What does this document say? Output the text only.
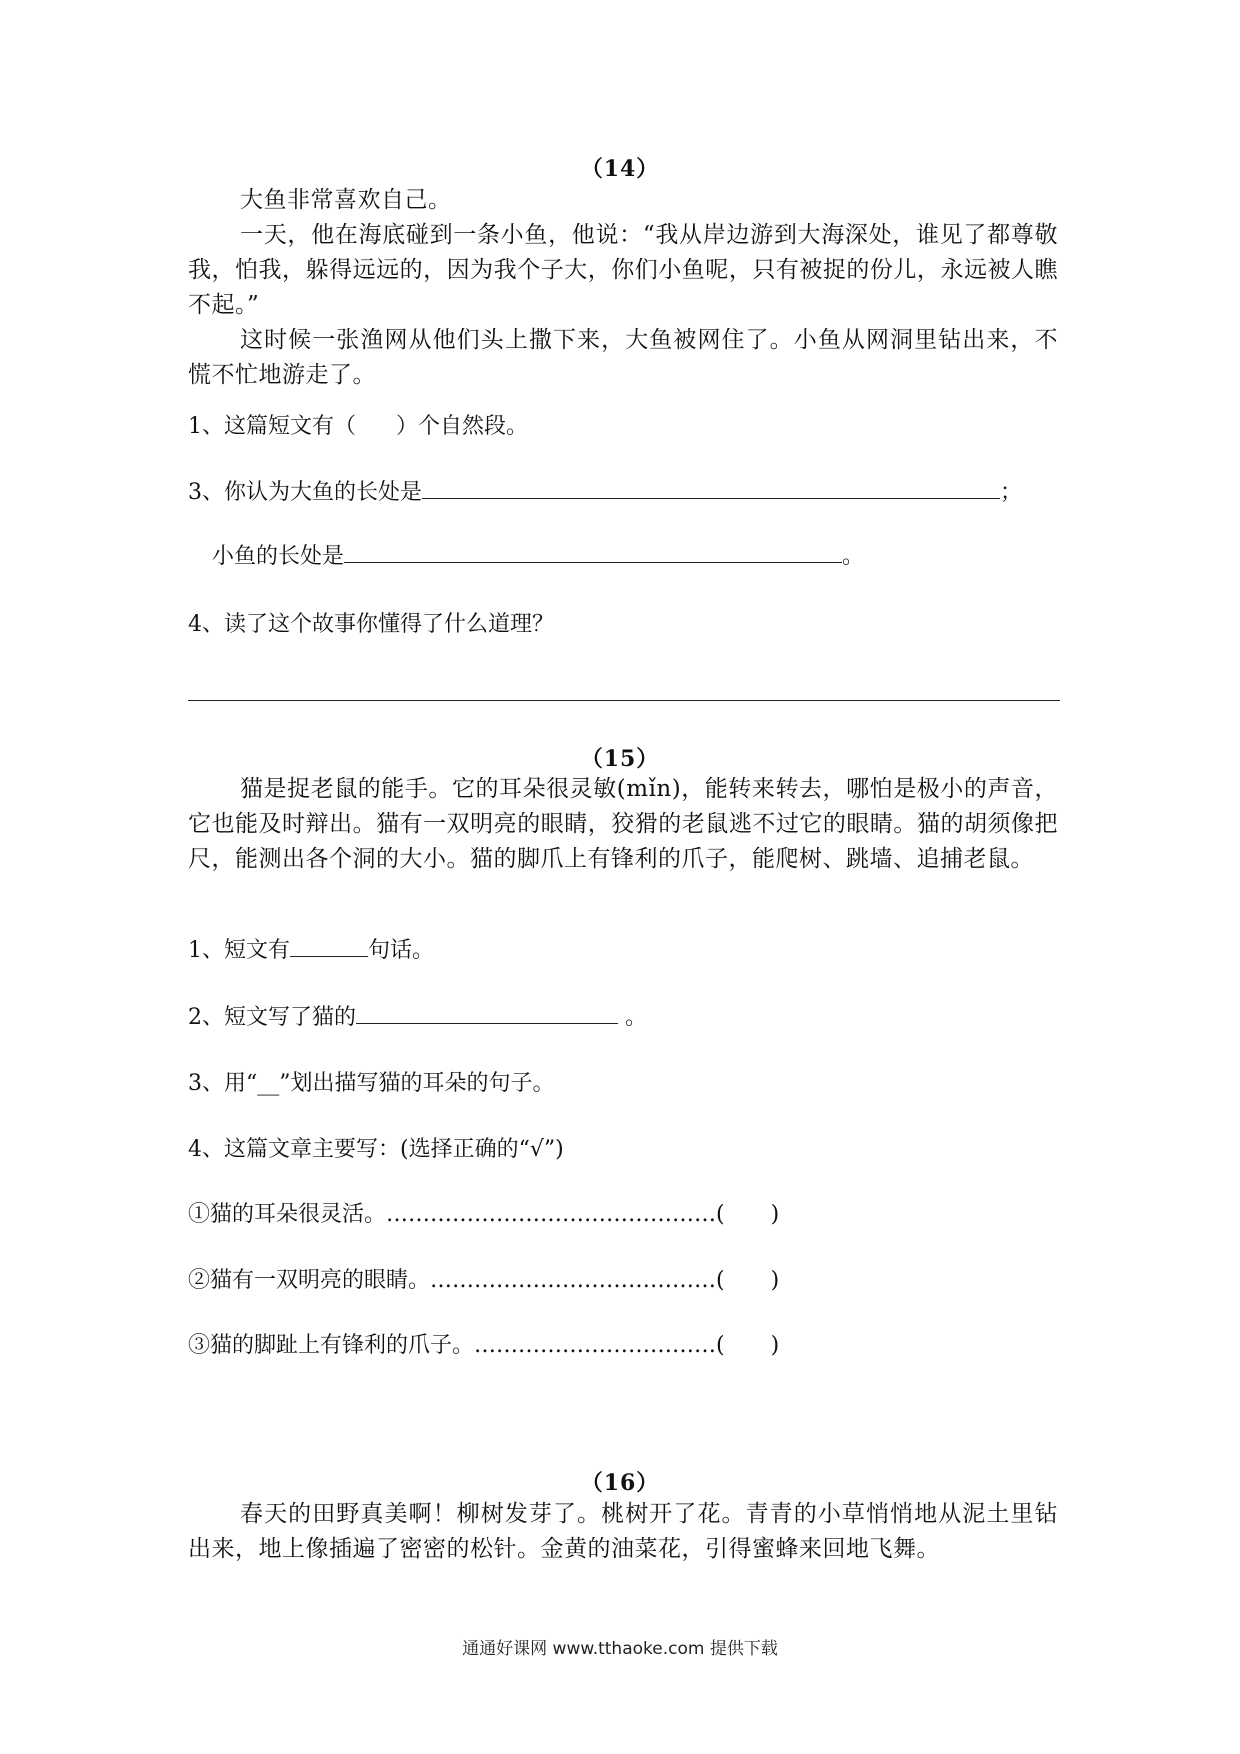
（14）
大鱼非常喜欢自己。
一天，他在海底碰到一条小鱼，他说：“我从岸边游到大海深处，谁见了都尊敬我，怕我，躲得远远的，因为我个子大，你们小鱼呢，只有被捉的份儿，永远被人瞧不起。”
这时候一张渔网从他们头上撒下来，大鱼被网住了。小鱼从网洞里钻出来，不慌不忙地游走了。
1、这篇短文有（ ）个自然段。
3、你认为大鱼的长处是	；
小鱼的长处是	。
4、读了这个故事你懂得了什么道理？
（15）
猫是捉老鼠的能手。它的耳朵很灵敏(mǐn)，能转来转去，哪怕是极小的声音，它也能及时辩出。猫有一双明亮的眼睛，狡猾的老鼠逃不过它的眼睛。猫的胡须像把尺，能测出各个洞的大小。猫的脚爪上有锋利的爪子，能爬树、跳墙、追捕老鼠。
1、短文有	句话。
2、短文写了猫的	。
3、用“__”划出描写猫的耳朵的句子。
4、这篇文章主要写：(选择正确的“√”)
①猫的耳朵很灵活。………………………………………( )
②猫有一双明亮的眼睛。…………………………………( )
③猫的脚趾上有锋利的爪子。……………………………( )
（16）
春天的田野真美啊！柳树发芽了。桃树开了花。青青的小草悄悄地从泥土里钻出来，地上像插遍了密密的松针。金黄的油菜花，引得蜜蜂来回地飞舞。
通通好课网 www.tthaoke.com 提供下载
